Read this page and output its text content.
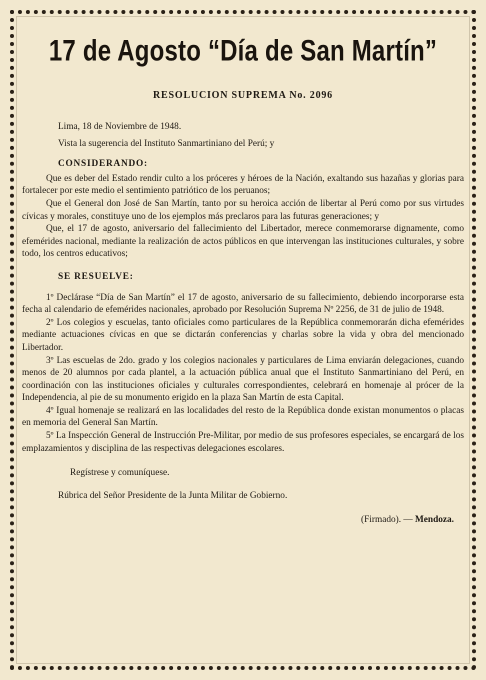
17 de Agosto “Día de San Martín”
RESOLUCION SUPREMA No. 2096

Lima, 18 de Noviembre de 1948.

Vista la sugerencia del Instituto Sanmartiniano del Perú; y

CONSIDERANDO:

Que es deber del Estado rendir culto a los próceres y héroes de la Nación, exaltando sus hazañas y glorias para fortalecer por este medio el sentimiento patriótico de los peruanos;

Que el General don José de San Martín, tanto por su heroica acción de libertar al Perú como por sus virtudes cívicas y morales, constituye uno de los ejemplos más preclaros para las futuras generaciones; y

Que, el 17 de agosto, aniversario del fallecimiento del Libertador, merece conmemorarse dignamente, como efemérides nacional, mediante la realización de actos públicos en que intervengan las instituciones culturales, y sobre todo, los centros educativos;

SE RESUELVE:

1º Declárase “Día de San Martín” el 17 de agosto, aniversario de su fallecimiento, debiendo incorporarse esta fecha al calendario de efemérides nacionales, aprobado por Resolución Suprema Nº 2256, de 31 de julio de 1948.

2º Los colegios y escuelas, tanto oficiales como particulares de la República conmemorarán dicha efemérides mediante actuaciones cívicas en que se dictarán conferencias y charlas sobre la vida y obra del mencionado Libertador.

3º Las escuelas de 2do. grado y los colegios nacionales y particulares de Lima enviarán delegaciones, cuando menos de 20 alumnos por cada plantel, a la actuación pública anual que el Instituto Sanmartiniano del Perú, en coordinación con las instituciones oficiales y culturales correspondientes, celebrará en homenaje al prócer de la Independencia, al pie de su monumento erigido en la plaza San Martín de esta Capital.

4º Igual homenaje se realizará en las localidades del resto de la República donde existan monumentos o placas en memoria del General San Martín.

5º La Inspección General de Instrucción Pre-Militar, por medio de sus profesores especiales, se encargará de los emplazamientos y disciplina de las respectivas delegaciones escolares.

Regístrese y comuníquese.

Rúbrica del Señor Presidente de la Junta Militar de Gobierno.

(Firmado). — Mendoza.
